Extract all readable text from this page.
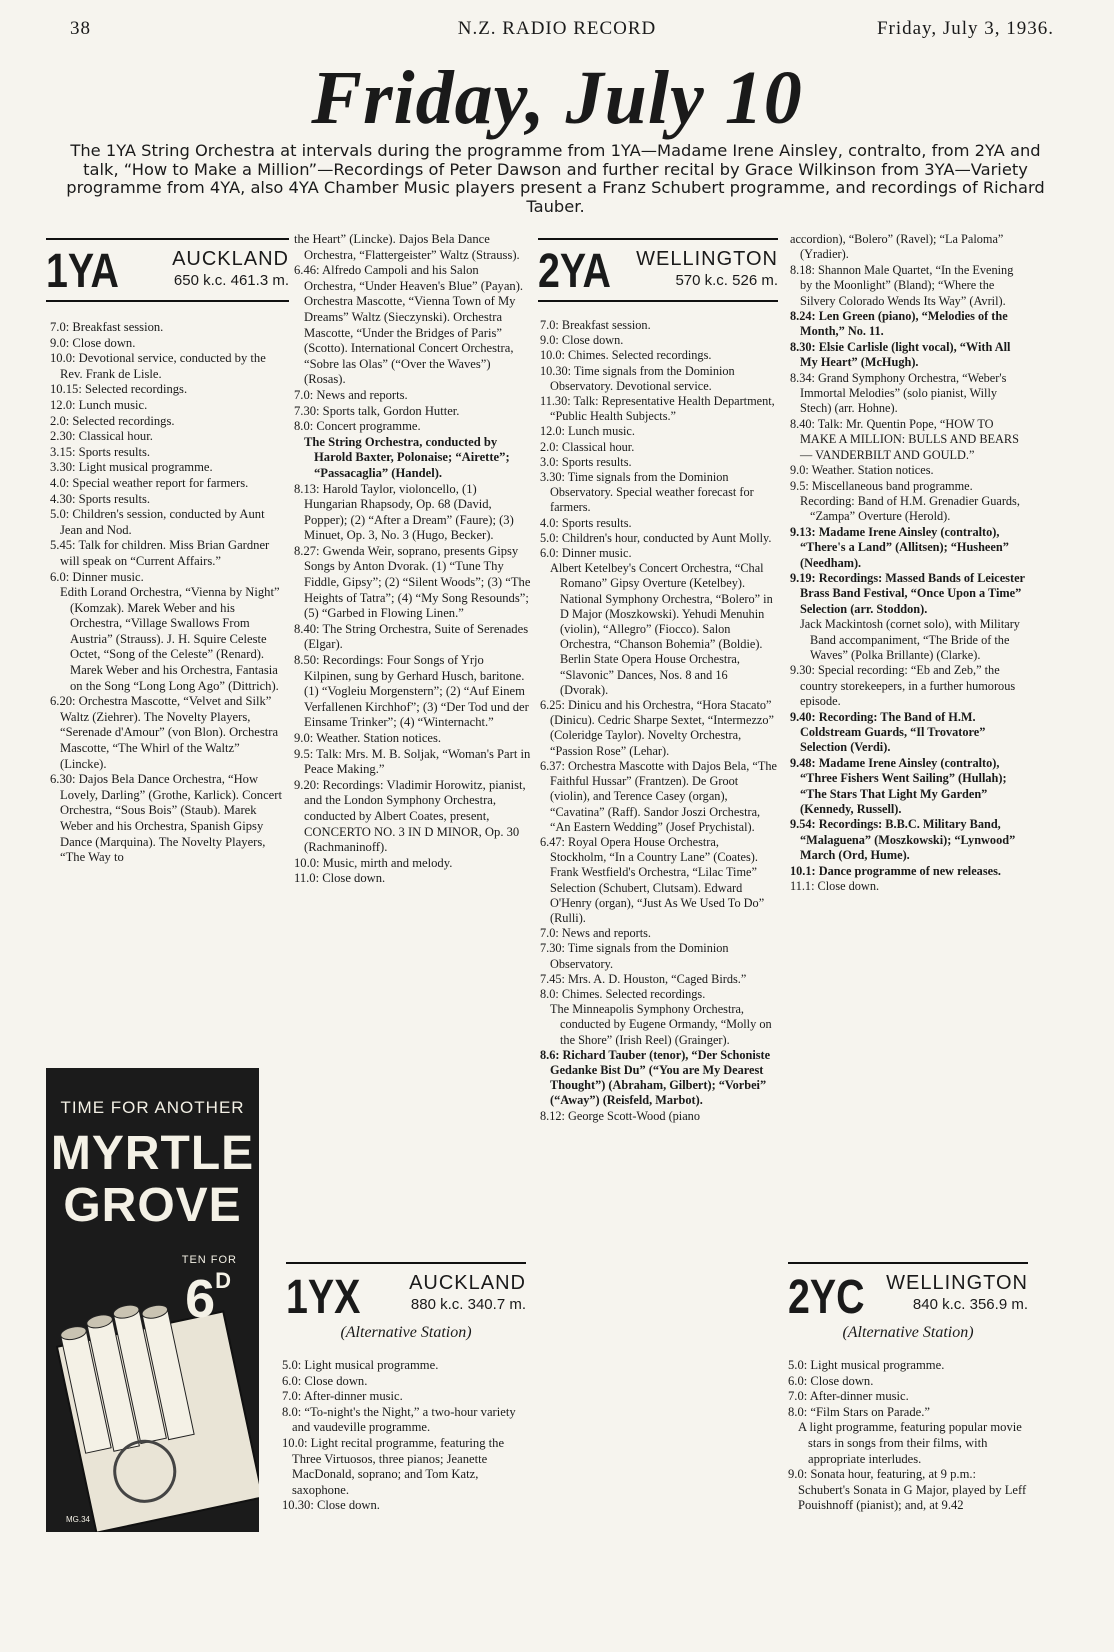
38	N.Z. RADIO RECORD	Friday, July 3, 1936.
Friday, July 10
The 1YA String Orchestra at intervals during the programme from 1YA—Madame Irene Ainsley, contralto, from 2YA and talk, “How to Make a Million”—Recordings of Peter Dawson and further recital by Grace Wilkinson from 3YA—Variety programme from 4YA, also 4YA Chamber Music players present a Franz Schubert programme, and recordings of Richard Tauber.
1YA	AUCKLAND
650 k.c. 461.3 m.	2YA WELLINGTON
570 k.c. 526 m.
1YX AUCKLAND
880 k.c. 340.7 m.
(Alternative Station)
2YC WELLINGTON
840 k.c. 356.9 m.
(Alternative Station)

7.0: Breakfast session.

9.0: Close down.

10.0: Devotional service, conducted by the Rev. Frank de Lisle.

10.15: Selected recordings.

12.0: Lunch music.

2.0: Selected recordings.

2.30: Classical hour.

3.15: Sports results.

3.30: Light musical programme.

4.0: Special weather report for farmers.

4.30: Sports results.

5.0: Children's session, conducted by Aunt Jean and Nod.

5.45: Talk for children. Miss Brian Gardner will speak on “Current Affairs.”

6.0: Dinner music.

Edith Lorand Orchestra, “Vienna by Night” (Komzak). Marek Weber and his Orchestra, “Village Swallows From Austria” (Strauss). J. H. Squire Celeste Octet, “Song of the Celeste” (Renard). Marek Weber and his Orchestra, Fantasia on the Song “Long Long Ago” (Dittrich).

6.20: Orchestra Mascotte, “Velvet and Silk” Waltz (Ziehrer). The Novelty Players, “Serenade d'Amour” (von Blon). Orchestra Mascotte, “The Whirl of the Waltz” (Lincke).

6.30: Dajos Bela Dance Orchestra, “How Lovely, Darling” (Grothe, Karlick). Concert Orchestra, “Sous Bois” (Staub). Marek Weber and his Orchestra, Spanish Gipsy Dance (Marquina). The Novelty Players, “The Way to

the Heart” (Lincke). Dajos Bela Dance Orchestra, “Flattergeister” Waltz (Strauss).

6.46: Alfredo Campoli and his Salon Orchestra, “Under Heaven's Blue” (Payan). Orchestra Mascotte, “Vienna Town of My Dreams” Waltz (Sieczynski). Orchestra Mascotte, “Under the Bridges of Paris” (Scotto). International Concert Orchestra, “Sobre las Olas” (“Over the Waves”) (Rosas).

7.0: News and reports.

7.30: Sports talk, Gordon Hutter.

8.0: Concert programme.

The String Orchestra, conducted by Harold Baxter, Polonaise; “Airette”; “Passacaglia” (Handel).

8.13: Harold Taylor, violoncello, (1) Hungarian Rhapsody, Op. 68 (David, Popper); (2) “After a Dream” (Faure); (3) Minuet, Op. 3, No. 3 (Hugo, Becker).

8.27: Gwenda Weir, soprano, presents Gipsy Songs by Anton Dvorak. (1) “Tune Thy Fiddle, Gipsy”; (2) “Silent Woods”; (3) “The Heights of Tatra”; (4) “My Song Resounds”; (5) “Garbed in Flowing Linen.”

8.40: The String Orchestra, Suite of Serenades (Elgar).

8.50: Recordings: Four Songs of Yrjo Kilpinen, sung by Gerhard Husch, baritone. (1) “Vogleiu Morgenstern”; (2) “Auf Einem Verfallenen Kirchhof”; (3) “Der Tod und der Einsame Trinker”; (4) “Winternacht.”

9.0: Weather. Station notices.

9.5: Talk: Mrs. M. B. Soljak, “Woman's Part in Peace Making.”

9.20: Recordings: Vladimir Horowitz, pianist, and the London Symphony Orchestra, conducted by Albert Coates, present, CONCERTO NO. 3 IN D MINOR, Op. 30 (Rachmaninoff).

10.0: Music, mirth and melody.

11.0: Close down.

5.0: Light musical programme.

6.0: Close down.

7.0: After-dinner music.

8.0: “To-night's the Night,” a two-hour variety and vaudeville programme.

10.0: Light recital programme, featuring the Three Virtuosos, three pianos; Jeanette MacDonald, soprano; and Tom Katz, saxophone.

10.30: Close down.

7.0: Breakfast session.

9.0: Close down.

10.0: Chimes. Selected recordings.

10.30: Time signals from the Dominion Observatory. Devotional service.

11.30: Talk: Representative Health Department, “Public Health Subjects.”

12.0: Lunch music.

2.0: Classical hour.

3.0: Sports results.

3.30: Time signals from the Dominion Observatory. Special weather forecast for farmers.

4.0: Sports results.

5.0: Children's hour, conducted by Aunt Molly.

6.0: Dinner music.

Albert Ketelbey's Concert Orchestra, “Chal Romano” Gipsy Overture (Ketelbey). National Symphony Orchestra, “Bolero” in D Major (Moszkowski). Yehudi Menuhin (violin), “Allegro” (Fiocco). Salon Orchestra, “Chanson Bohemia” (Boldie). Berlin State Opera House Orchestra, “Slavonic” Dances, Nos. 8 and 16 (Dvorak).

6.25: Dinicu and his Orchestra, “Hora Stacato” (Dinicu). Cedric Sharpe Sextet, “Intermezzo” (Coleridge Taylor). Novelty Orchestra, “Passion Rose” (Lehar).

6.37: Orchestra Mascotte with Dajos Bela, “The Faithful Hussar” (Frantzen). De Groot (violin), and Terence Casey (organ), “Cavatina” (Raff). Sandor Joszi Orchestra, “An Eastern Wedding” (Josef Prychistal).

6.47: Royal Opera House Orchestra, Stockholm, “In a Country Lane” (Coates). Frank Westfield's Orchestra, “Lilac Time” Selection (Schubert, Clutsam). Edward O'Henry (organ), “Just As We Used To Do” (Rulli).

7.0: News and reports.

7.30: Time signals from the Dominion Observatory.

7.45: Mrs. A. D. Houston, “Caged Birds.”

8.0: Chimes. Selected recordings.

The Minneapolis Symphony Orchestra, conducted by Eugene Ormandy, “Molly on the Shore” (Irish Reel) (Grainger).

8.6: Richard Tauber (tenor), “Der Schoniste Gedanke Bist Du” (“You are My Dearest Thought”) (Abraham, Gilbert); “Vorbei” (“Away”) (Reisfeld, Marbot).

8.12: George Scott-Wood (piano

accordion), “Bolero” (Ravel); “La Paloma” (Yradier).

8.18: Shannon Male Quartet, “In the Evening by the Moonlight” (Bland); “Where the Silvery Colorado Wends Its Way” (Avril).

8.24: Len Green (piano), “Melodies of the Month,” No. 11.

8.30: Elsie Carlisle (light vocal), “With All My Heart” (McHugh).

8.34: Grand Symphony Orchestra, “Weber's Immortal Melodies” (solo pianist, Willy Stech) (arr. Hohne).

8.40: Talk: Mr. Quentin Pope, “HOW TO MAKE A MILLION: BULLS AND BEARS — VANDERBILT AND GOULD.”

9.0: Weather. Station notices.

9.5: Miscellaneous band programme.

Recording: Band of H.M. Grenadier Guards, “Zampa” Overture (Herold).

9.13: Madame Irene Ainsley (contralto), “There's a Land” (Allitsen); “Husheen” (Needham).

9.19: Recordings: Massed Bands of Leicester Brass Band Festival, “Once Upon a Time” Selection (arr. Stoddon).

Jack Mackintosh (cornet solo), with Military Band accompaniment, “The Bride of the Waves” (Polka Brillante) (Clarke).

9.30: Special recording: “Eb and Zeb,” the country storekeepers, in a further humorous episode.

9.40: Recording: The Band of H.M. Coldstream Guards, “Il Trovatore” Selection (Verdi).

9.48: Madame Irene Ainsley (contralto), “Three Fishers Went Sailing” (Hullah); “The Stars That Light My Garden” (Kennedy, Russell).

9.54: Recordings: B.B.C. Military Band, “Malaguena” (Moszkowski); “Lynwood” March (Ord, Hume).

10.1: Dance programme of new releases.

11.1: Close down.

5.0: Light musical programme.

6.0: Close down.

7.0: After-dinner music.

8.0: “Film Stars on Parade.”

A light programme, featuring popular movie stars in songs from their films, with appropriate interludes.

9.0: Sonata hour, featuring, at 9 p.m.: Schubert's Sonata in G Major, played by Leff Pouishnoff (pianist); and, at 9.42

TIME FOR ANOTHER
MYRTLE
GROVE
TEN FOR
$6^D$
MG.34
